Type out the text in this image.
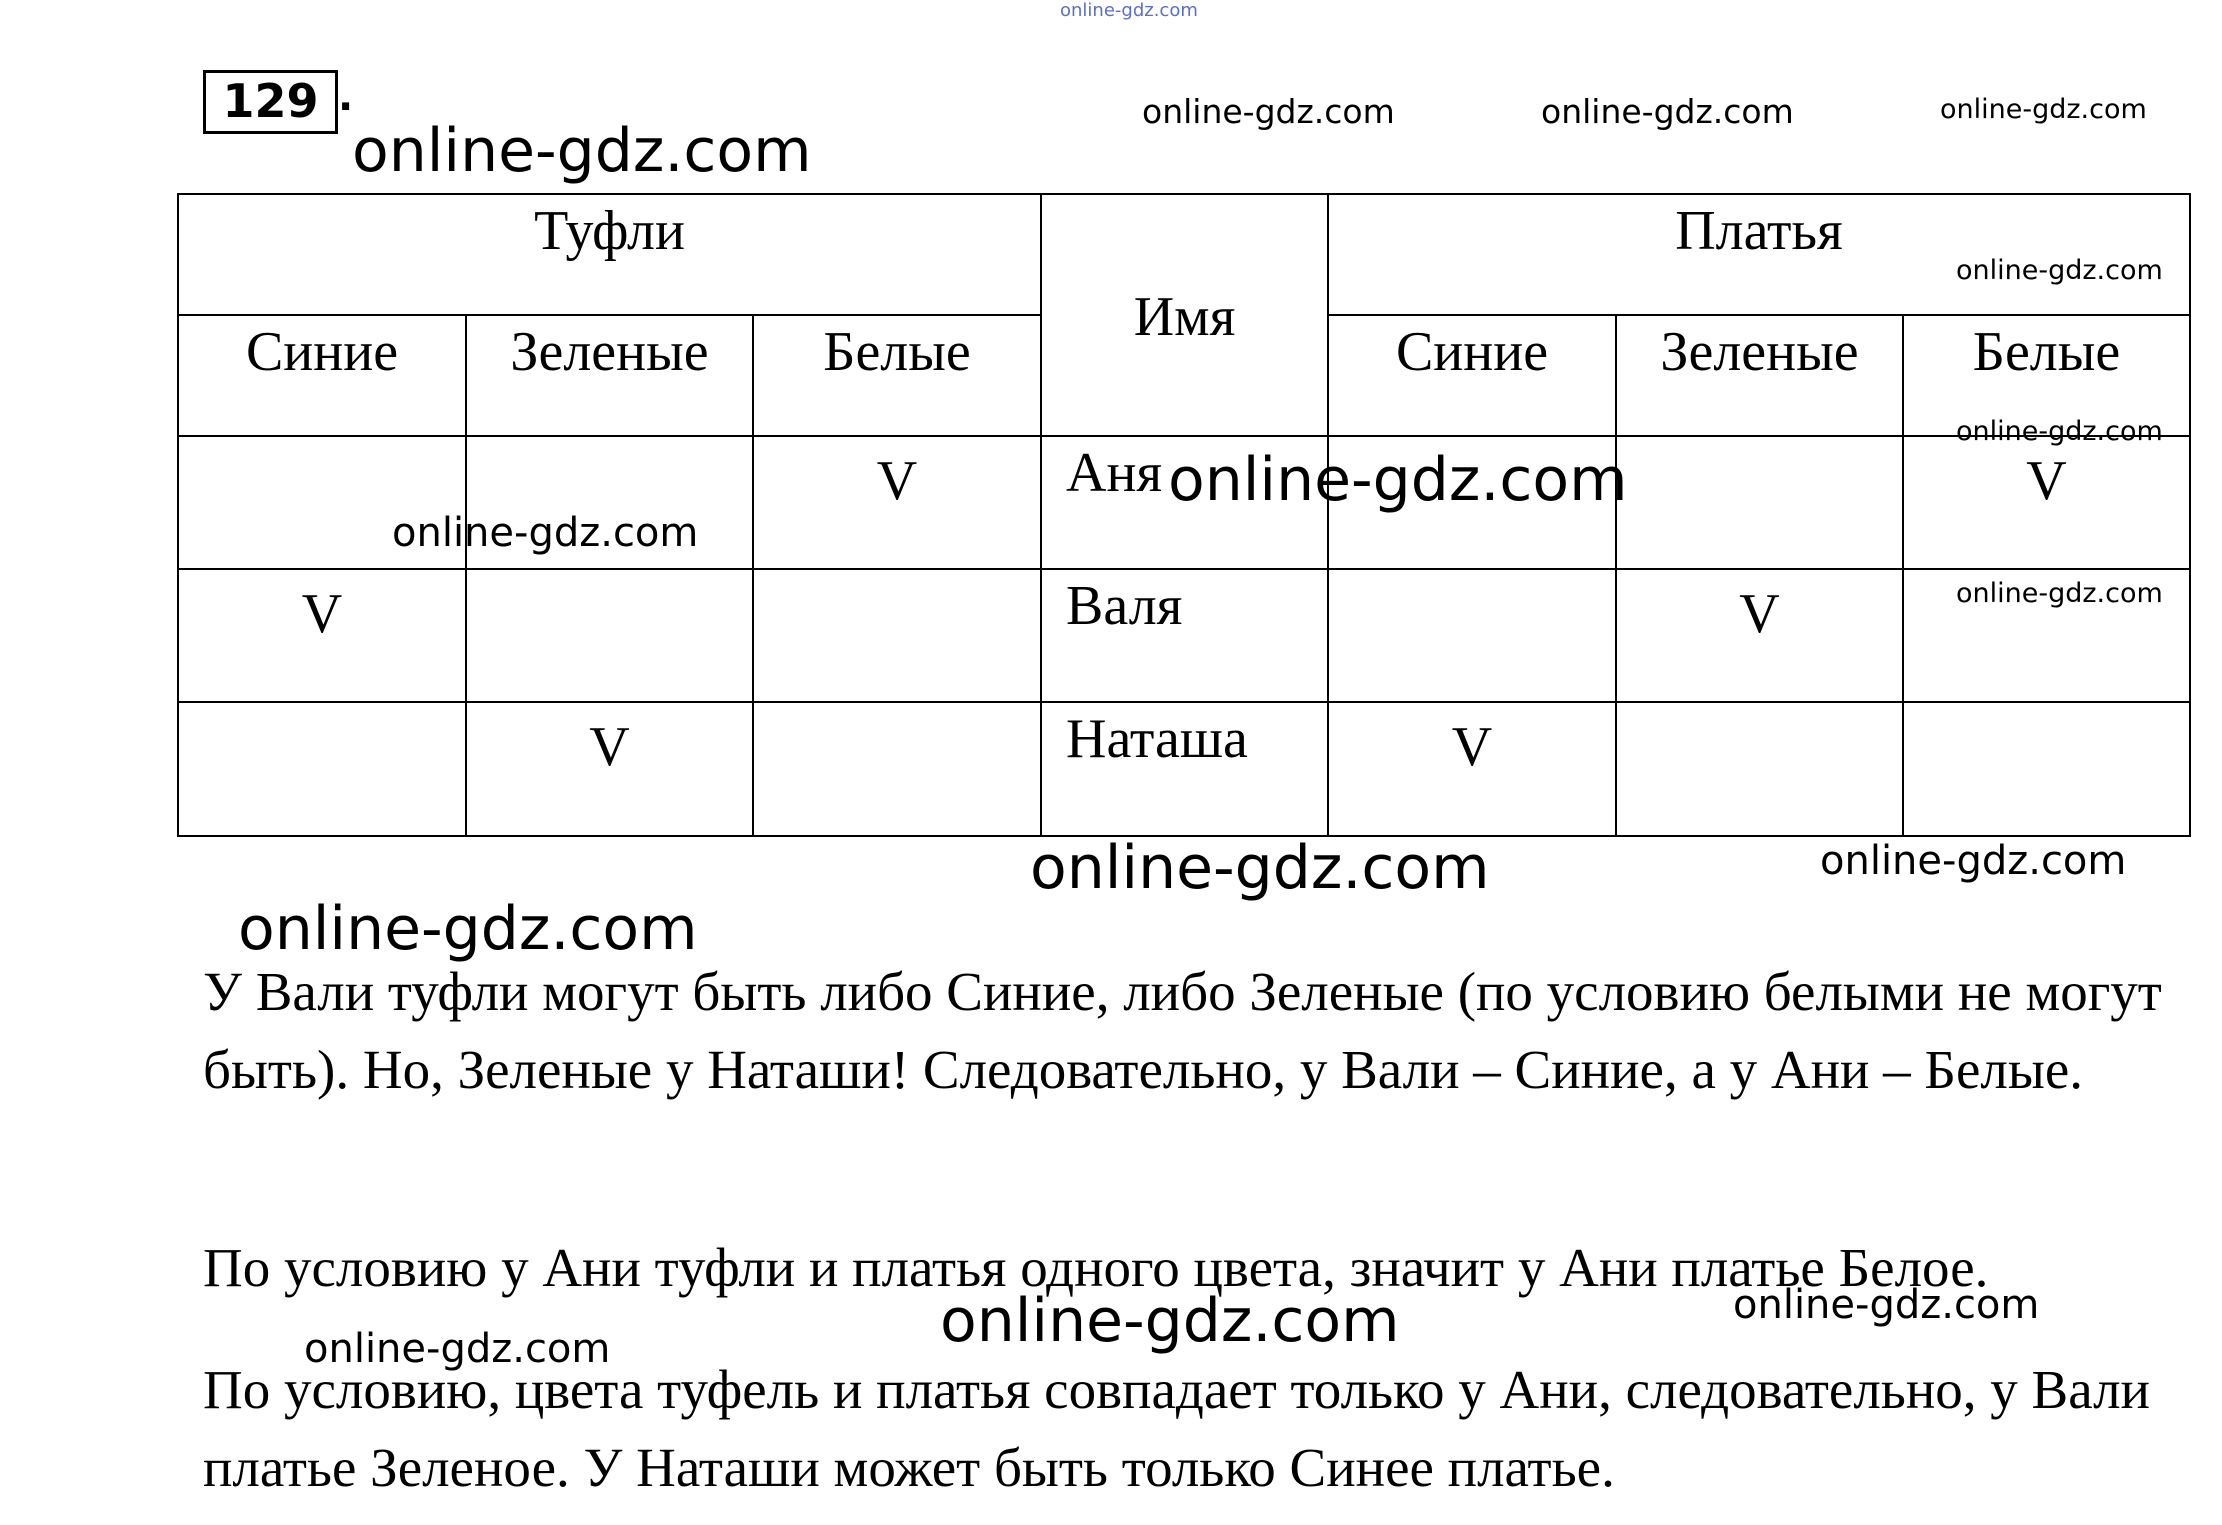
online-gdz.com
129 .
online-gdz.com
online-gdz.com	online-gdz.com	online-gdz.com
Туфли			Имя	Платья		
Синие	Зеленые	Белые		Синие	Зеленые	Белые
		V	Аня			V
V			Валя		V	
	V		Наташа	V		
online-gdz.com
online-gdz.com
online-gdz.com
online-gdz.com
online-gdz.com
online-gdz.com	online-gdz.com
online-gdz.com

У Вали туфли могут быть либо Синие, либо Зеленые (по условию белыми не могут быть). Но, Зеленые у Наташи! Следовательно, у Вали – Синие, а у Ани – Белые.

По условию у Ани туфли и платья одного цвета, значит у Ани платье Белое.

По условию, цвета туфель и платья совпадает только у Ани, следовательно, у Вали платье Зеленое. У Наташи может быть только Синее платье.

online-gdz.com	online-gdz.com
online-gdz.com
